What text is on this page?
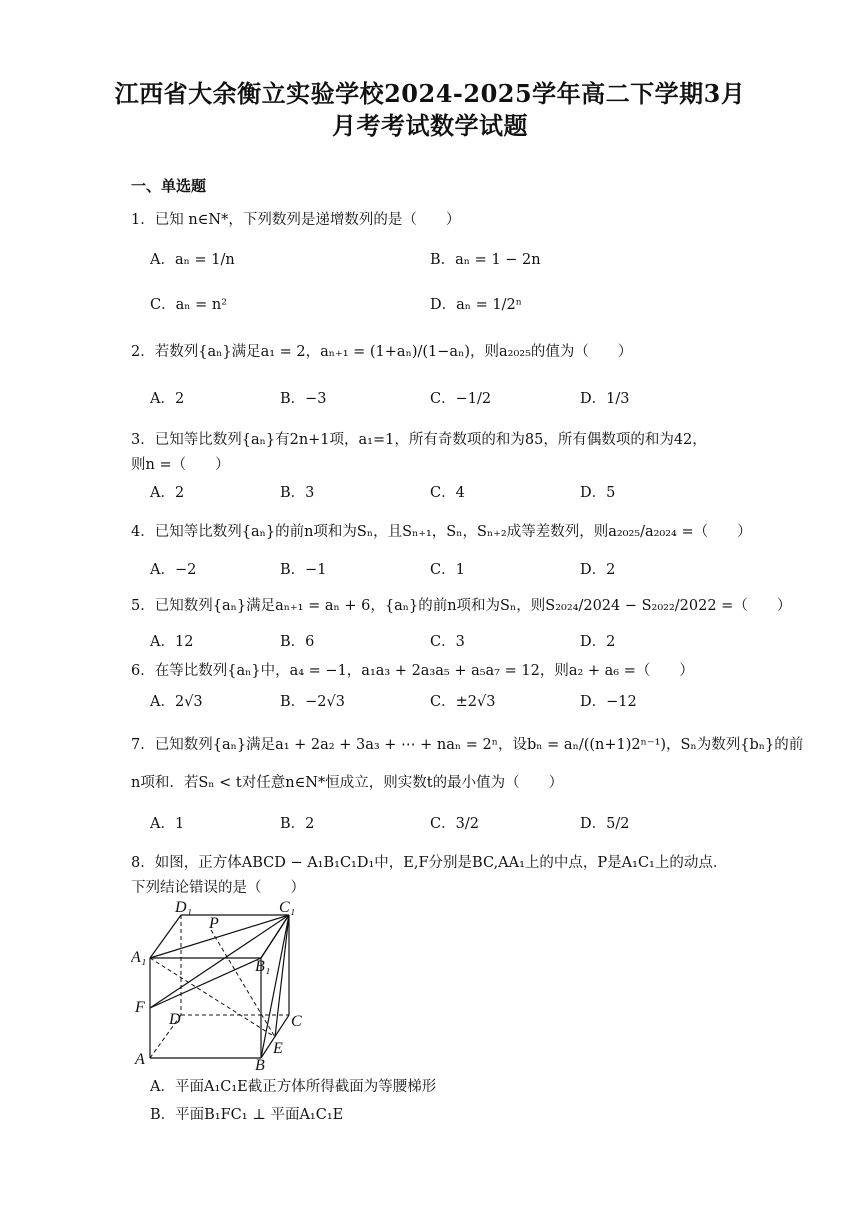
江西省大余衡立实验学校2024-2025学年高二下学期3月
月考考试数学试题
一、单选题
1．已知 n∈N*，下列数列是递增数列的是（　　）
A．aₙ = 1/n	B．aₙ = 1 − 2n
C．aₙ = n²	D．aₙ = 1/2ⁿ
2．若数列{aₙ}满足a₁ = 2，aₙ₊₁ = (1+aₙ)/(1−aₙ)，则a₂₀₂₅的值为（　　）
A．2	B．−3	C．−1/2	D．1/3
3．已知等比数列{aₙ}有2n+1项，a₁=1，所有奇数项的和为85，所有偶数项的和为42，
则n =（　　）
A．2	B．3	C．4	D．5
4．已知等比数列{aₙ}的前n项和为Sₙ，且Sₙ₊₁，Sₙ，Sₙ₊₂成等差数列，则a₂₀₂₅/a₂₀₂₄ =（　　）
A．−2	B．−1	C．1	D．2
5．已知数列{aₙ}满足aₙ₊₁ = aₙ + 6，{aₙ}的前n项和为Sₙ，则S₂₀₂₄/2024 − S₂₀₂₂/2022 =（　　）
A．12	B．6	C．3	D．2
6．在等比数列{aₙ}中，a₄ = −1，a₁a₃ + 2a₃a₅ + a₅a₇ = 12，则a₂ + a₆ =（　　）
A．2√3	B．−2√3	C．±2√3	D．−12
7．已知数列{aₙ}满足a₁ + 2a₂ + 3a₃ + ⋯ + naₙ = 2ⁿ，设bₙ = aₙ/((n+1)2ⁿ⁻¹)，Sₙ为数列{bₙ}的前
n项和．若Sₙ < t对任意n∈N*恒成立，则实数t的最小值为（　　）
A．1	B．2	C．3/2	D．5/2
8．如图，正方体ABCD − A₁B₁C₁D₁中，E,F分别是BC,AA₁上的中点，P是A₁C₁上的动点．
下列结论错误的是（　　）
D₁	C₁
P
A₁
B₁
F
D	C
E
A	B
A．平面A₁C₁E截正方体所得截面为等腰梯形
B．平面B₁FC₁ ⊥ 平面A₁C₁E
